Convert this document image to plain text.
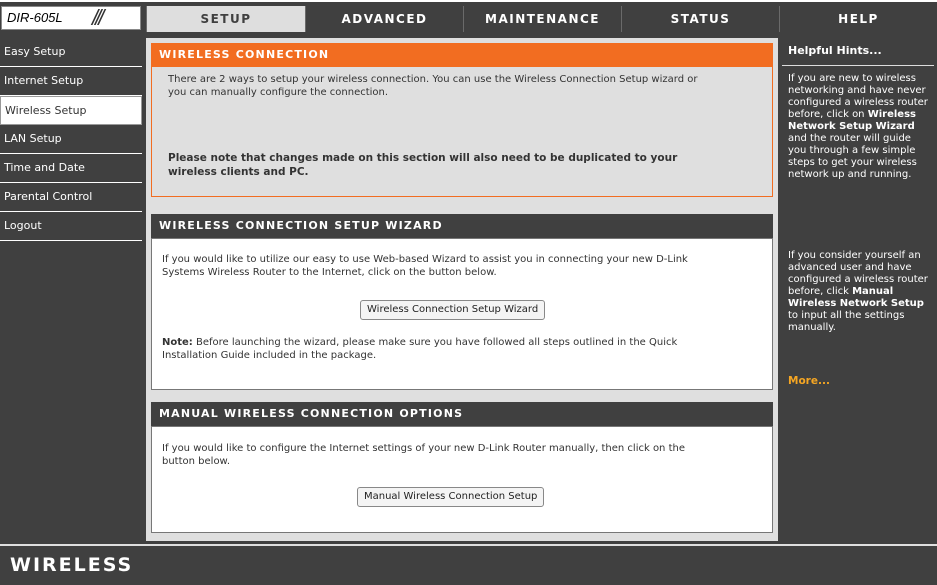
DIR-605L ///	SETUP	ADVANCED	MAINTENANCE	STATUS	HELP
Easy Setup
Internet Setup
Wireless Setup
LAN Setup
Time and Date
Parental Control
Logout
WIRELESS CONNECTION
There are 2 ways to setup your wireless connection. You can use the Wireless Connection Setup wizard or
you can manually configure the connection.
Please note that changes made on this section will also need to be duplicated to your
wireless clients and PC.
WIRELESS CONNECTION SETUP WIZARD
If you would like to utilize our easy to use Web-based Wizard to assist you in connecting your new D-Link
Systems Wireless Router to the Internet, click on the button below.
Wireless Connection Setup Wizard
Note: Before launching the wizard, please make sure you have followed all steps outlined in the Quick
Installation Guide included in the package.
MANUAL WIRELESS CONNECTION OPTIONS
If you would like to configure the Internet settings of your new D-Link Router manually, then click on the
button below.
Manual Wireless Connection Setup
Helpful Hints...
If you are new to wireless networking and have never configured a wireless router before, click on Wireless Network Setup Wizard and the router will guide you through a few simple steps to get your wireless network up and running.
If you consider yourself an advanced user and have configured a wireless router before, click Manual Wireless Network Setup to input all the settings manually.
More...
WIRELESS
